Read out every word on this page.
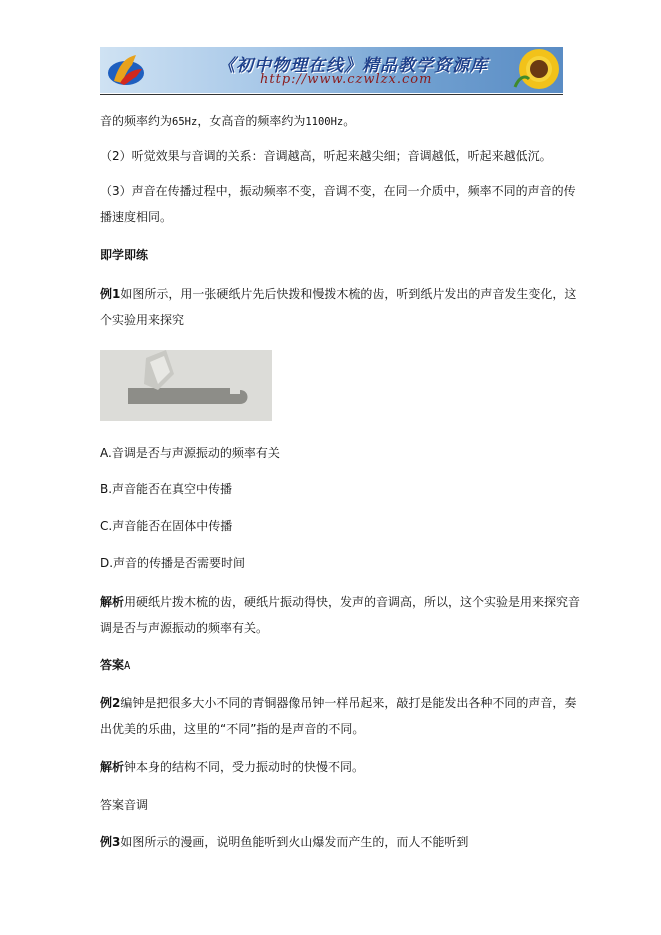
《初中物理在线》精品教学资源库
http://www.czwlzx.com
音的频率约为65Hz，女高音的频率约为1100Hz。
（2）听觉效果与音调的关系：音调越高，听起来越尖细；音调越低，听起来越低沉。
（3）声音在传播过程中，振动频率不变，音调不变，在同一介质中，频率不同的声音的传
播速度相同。
即学即练
例1如图所示，用一张硬纸片先后快拨和慢拨木梳的齿，听到纸片发出的声音发生变化，这
个实验用来探究
A.音调是否与声源振动的频率有关
B.声音能否在真空中传播
C.声音能否在固体中传播
D.声音的传播是否需要时间
解析用硬纸片拨木梳的齿，硬纸片振动得快，发声的音调高，所以，这个实验是用来探究音
调是否与声源振动的频率有关。
答案A
例2编钟是把很多大小不同的青铜器像吊钟一样吊起来，敲打是能发出各种不同的声音，奏
出优美的乐曲，这里的“不同”指的是声音的不同。
解析钟本身的结构不同，受力振动时的快慢不同。
答案音调
例3如图所示的漫画，说明鱼能听到火山爆发而产生的，而人不能听到
